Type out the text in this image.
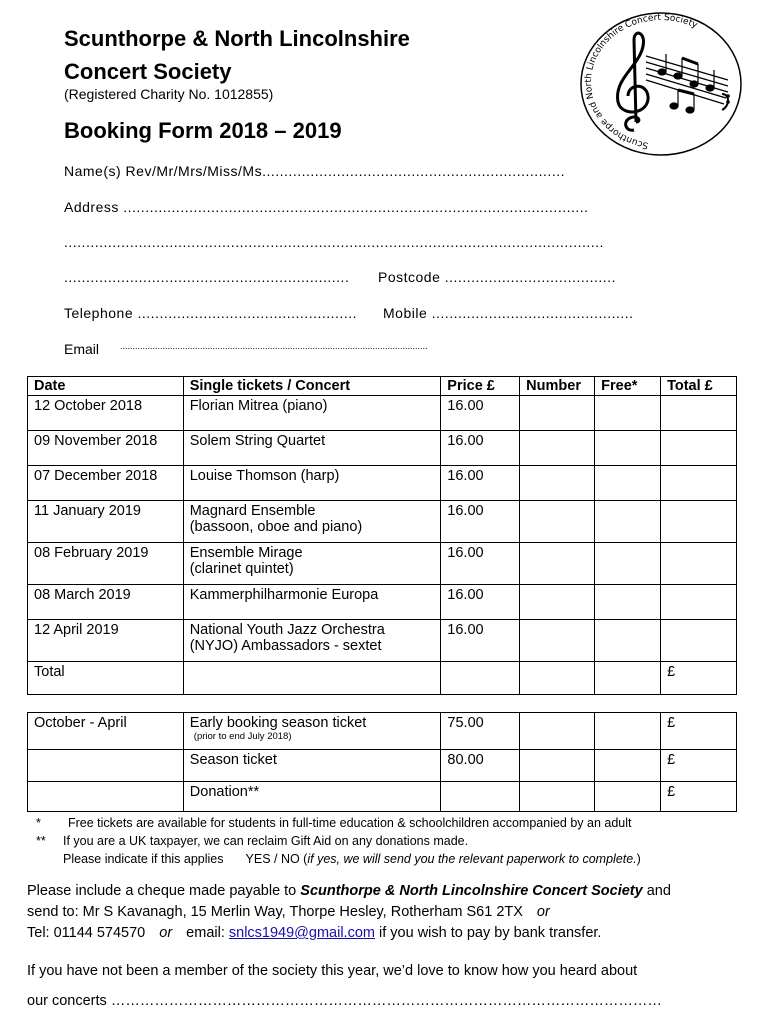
Scunthorpe & North Lincolnshire
Concert Society
(Registered Charity No. 1012855)
Booking Form 2018 – 2019
Scunthorpe and North Lincolnshire Concert Society
Name(s) Rev/Mr/Mrs/Miss/Ms.....................................................................
Address ..........................................................................................................
...........................................................................................................................
................................................................. Postcode .......................................
Telephone .................................................. Mobile ..............................................
Email ...........................................................................................................................
Date	Single tickets / Concert	Price £	Number	Free*	Total £
12 October 2018	Florian Mitrea (piano)	16.00			
09 November 2018	Solem String Quartet	16.00			
07 December 2018	Louise Thomson (harp)	16.00			
11 January 2019	Magnard Ensemble
(bassoon, oboe and piano)	16.00			
08 February 2019	Ensemble Mirage
(clarinet quintet)	16.00			
08 March 2019	Kammerphilharmonie Europa	16.00			
12 April 2019	National Youth Jazz Orchestra
(NYJO) Ambassadors - sextet	16.00			
Total					£
October - April	Early booking season ticket
(prior to end July 2018)	75.00			£
	Season ticket	80.00			£
	Donation**				£
* Free tickets are available for students in full-time education & schoolchildren accompanied by an adult
** If you are a UK taxpayer, we can reclaim Gift Aid on any donations made.
Please indicate if this applies YES / NO (if yes, we will send you the relevant paperwork to complete.)
Please include a cheque made payable to Scunthorpe & North Lincolnshire Concert Society and
send to: Mr S Kavanagh, 15 Merlin Way, Thorpe Hesley, Rotherham S61 2TX or
Tel: 01144 574570 or email: snlcs1949@gmail.com if you wish to pay by bank transfer.
If you have not been a member of the society this year, we’d love to know how you heard about
our concerts ……………………………………………………………………………………………………
